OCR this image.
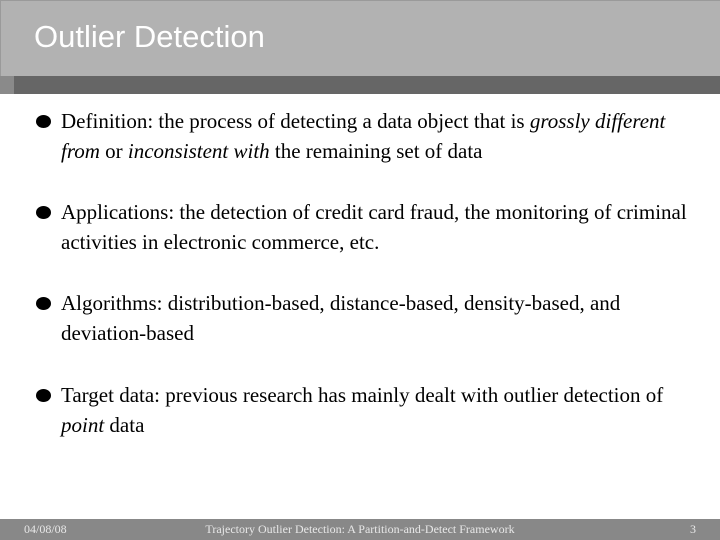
Outlier Detection
Definition: the process of detecting a data object that is grossly different from or inconsistent with the remaining set of data
Applications: the detection of credit card fraud, the monitoring of criminal activities in electronic commerce, etc.
Algorithms: distribution-based, distance-based, density-based, and deviation-based
Target data: previous research has mainly dealt with outlier detection of point data
04/08/08	Trajectory Outlier Detection: A Partition-and-Detect Framework	3
